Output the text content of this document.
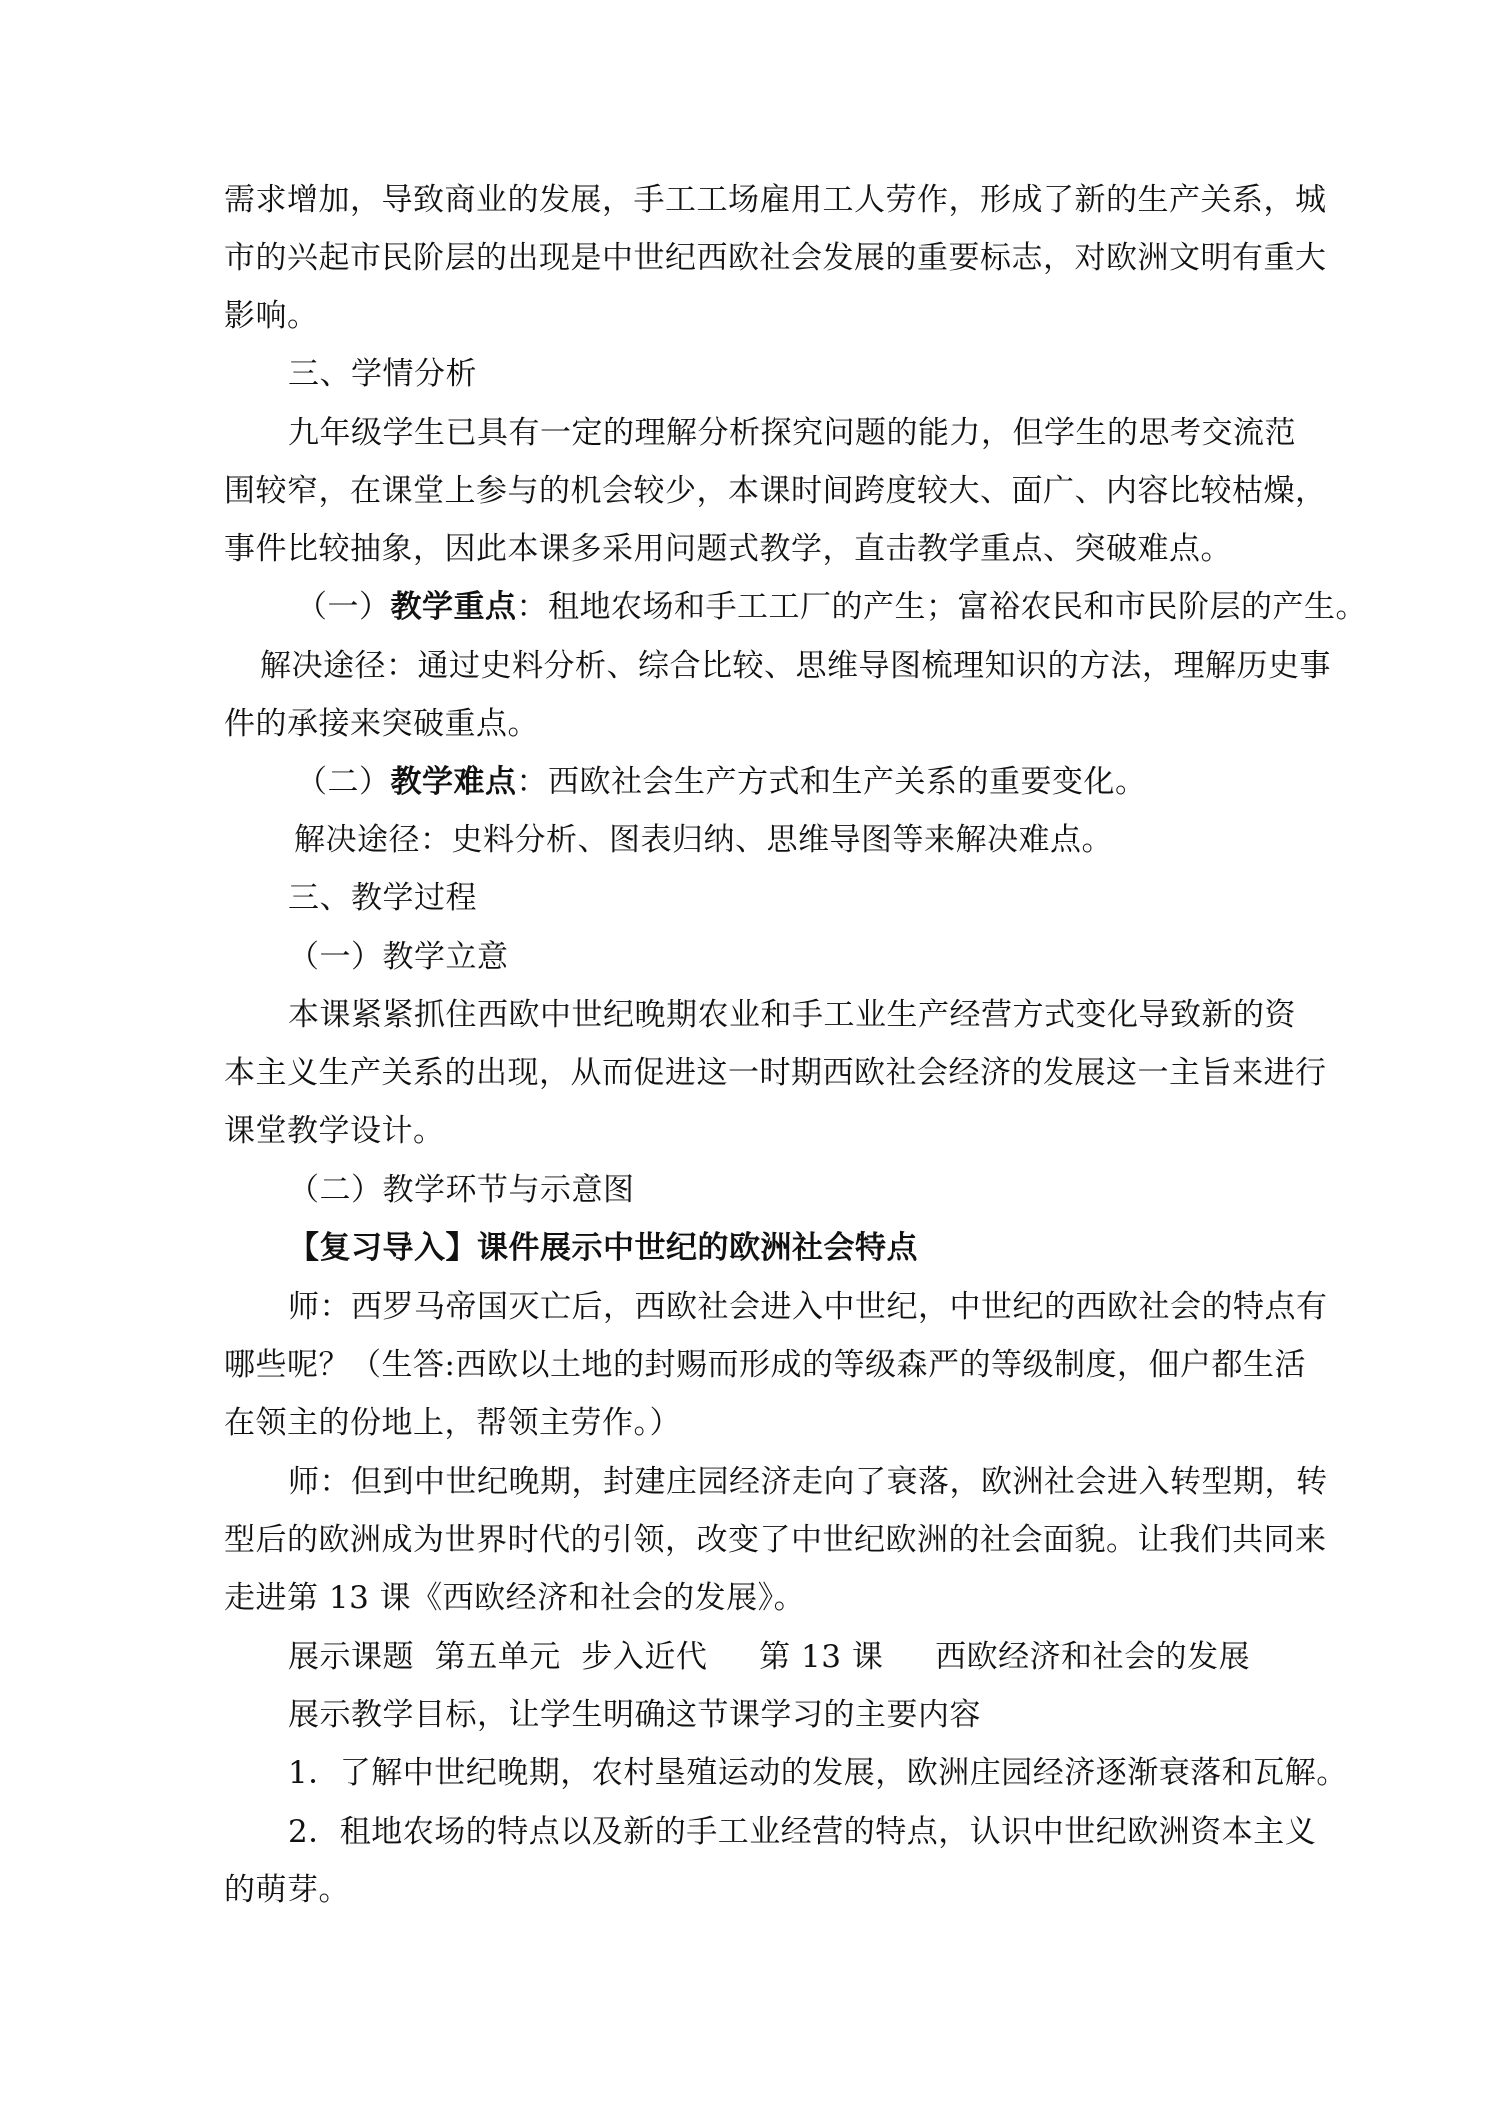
需求增加，导致商业的发展，手工工场雇用工人劳作，形成了新的生产关系，城
市的兴起市民阶层的出现是中世纪西欧社会发展的重要标志，对欧洲文明有重大
影响。
三、学情分析
九年级学生已具有一定的理解分析探究问题的能力，但学生的思考交流范
围较窄，在课堂上参与的机会较少，本课时间跨度较大、面广、内容比较枯燥，
事件比较抽象，因此本课多采用问题式教学，直击教学重点、突破难点。
（一）教学重点：租地农场和手工工厂的产生；富裕农民和市民阶层的产生。
解决途径：通过史料分析、综合比较、思维导图梳理知识的方法，理解历史事
件的承接来突破重点。
（二）教学难点：西欧社会生产方式和生产关系的重要变化。
解决途径：史料分析、图表归纳、思维导图等来解决难点。
三、教学过程
（一）教学立意
本课紧紧抓住西欧中世纪晚期农业和手工业生产经营方式变化导致新的资
本主义生产关系的出现，从而促进这一时期西欧社会经济的发展这一主旨来进行
课堂教学设计。
（二）教学环节与示意图
【复习导入】课件展示中世纪的欧洲社会特点
师：西罗马帝国灭亡后，西欧社会进入中世纪，中世纪的西欧社会的特点有
哪些呢？（生答:西欧以土地的封赐而形成的等级森严的等级制度，佃户都生活
在领主的份地上，帮领主劳作。）
师：但到中世纪晚期，封建庄园经济走向了衰落，欧洲社会进入转型期，转
型后的欧洲成为世界时代的引领，改变了中世纪欧洲的社会面貌。让我们共同来
走进第 13 课《西欧经济和社会的发展》。
展示课题  第五单元  步入近代     第 13 课     西欧经济和社会的发展
展示教学目标，让学生明确这节课学习的主要内容
1．了解中世纪晚期，农村垦殖运动的发展，欧洲庄园经济逐渐衰落和瓦解。
2．租地农场的特点以及新的手工业经营的特点，认识中世纪欧洲资本主义
的萌芽。
